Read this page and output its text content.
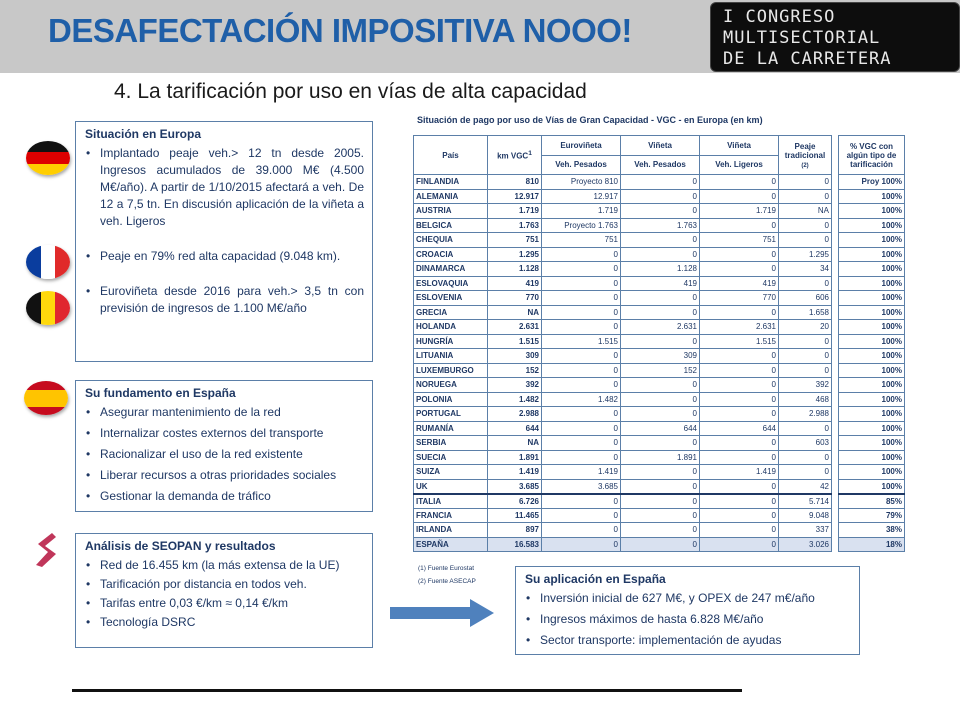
DESAFECTACIÓN IMPOSITIVA NOOO!	I CONGRESO
MULTISECTORIAL
DE LA CARRETERA
4. La tarificación por uso en vías de alta capacidad
Situación en Europa
• Implantado peaje veh.> 12 tn desde 2005. Ingresos acumulados de 39.000 M€ (4.500 M€/año). A partir de 1/10/2015 afectará a veh. De 12 a 7,5 tn. En discusión aplicación de la viñeta a veh. Ligeros
• Peaje en 79% red alta capacidad (9.048 km).
• Euroviñeta desde 2016 para veh.> 3,5 tn con previsión de ingresos de 1.100 M€/año
Su fundamento en España
• Asegurar mantenimiento de la red
• Internalizar costes externos del transporte
• Racionalizar el uso de la red existente
• Liberar recursos a otras prioridades sociales
• Gestionar la demanda de tráfico
Análisis de SEOPAN y resultados
• Red de 16.455 km (la más extensa de la UE)
• Tarificación por distancia en todos veh.
• Tarifas entre 0,03 €/km ≈ 0,14 €/km
• Tecnología DSRC
Situación de pago por uso de Vías de Gran Capacidad - VGC - en Europa (en km)
País	km VGC$^1$	Euroviñeta	Viñeta	Viñeta	Peaje tradicional
(2)		% VGC con algún tipo de tarificación
		Veh. Pesados	Veh. Pesados	Veh. Ligeros			
FINLANDIA	810	Proyecto 810	0	0	0		Proy 100%
ALEMANIA	12.917	12.917	0	0	0		100%
AUSTRIA	1.719	1.719	0	1.719	NA		100%
BELGICA	1.763	Proyecto 1.763	1.763	0	0		100%
CHEQUIA	751	751	0	751	0		100%
CROACIA	1.295	0	0	0	1.295		100%
DINAMARCA	1.128	0	1.128	0	34		100%
ESLOVAQUIA	419	0	419	419	0		100%
ESLOVENIA	770	0	0	770	606		100%
GRECIA	NA	0	0	0	1.658		100%
HOLANDA	2.631	0	2.631	2.631	20		100%
HUNGRÍA	1.515	1.515	0	1.515	0		100%
LITUANIA	309	0	309	0	0		100%
LUXEMBURGO	152	0	152	0	0		100%
NORUEGA	392	0	0	0	392		100%
POLONIA	1.482	1.482	0	0	468		100%
PORTUGAL	2.988	0	0	0	2.988		100%
RUMANÍA	644	0	644	644	0		100%
SERBIA	NA	0	0	0	603		100%
SUECIA	1.891	0	1.891	0	0		100%
SUIZA	1.419	1.419	0	1.419	0		100%
UK	3.685	3.685	0	0	42		100%
ITALIA	6.726	0	0	0	5.714		85%
FRANCIA	11.465	0	0	0	9.048		79%
IRLANDA	897	0	0	0	337		38%
ESPAÑA	16.583	0	0	0	3.026		18%
(1) Fuente Eurostat
(2) Fuente ASECAP	Su aplicación en España
• Inversión inicial de 627 M€, y OPEX de 247 m€/año
• Ingresos máximos de hasta 6.828 M€/año
• Sector transporte: implementación de ayudas
